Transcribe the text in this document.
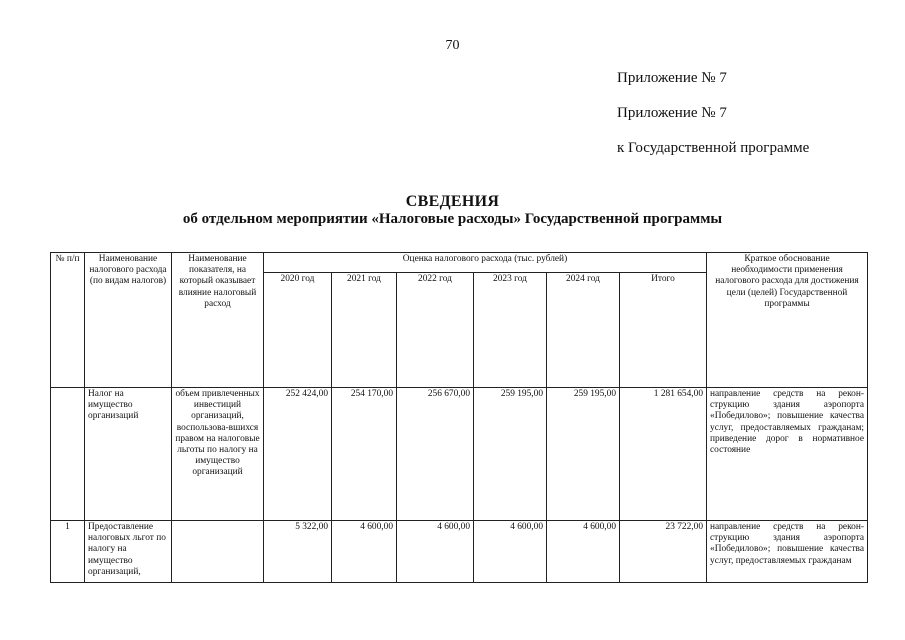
70
Приложение № 7
Приложение № 7
к Государственной программе
СВЕДЕНИЯ
об отдельном мероприятии «Налоговые расходы» Государственной программы
№ п/п	Наименование налогового расхода (по видам налогов)	Наименование показателя, на который оказывает влияние налоговый расход	Оценка налогового расхода (тыс. рублей)						Краткое обоснование необходимости применения налогового расхода для достижения цели (целей) Государственной программы
			2020 год	2021 год	2022 год	2023 год	2024 год	Итого	
	Налог на имущество организаций	объем привлеченных инвестиций организаций, воспользова-вшихся правом на налоговые льготы по налогу на имущество организаций	252 424,00	254 170,00	256 670,00	259 195,00	259 195,00	1 281 654,00	направление средств на рекон-струкцию здания аэропорта «Победилово»; повышение качества услуг, предоставляемых гражданам; приведение дорог в нормативное состояние
1	Предоставление налоговых льгот по налогу на имущество организаций,		5 322,00	4 600,00	4 600,00	4 600,00	4 600,00	23 722,00	направление средств на рекон-струкцию здания аэропорта «Победилово»; повышение качества услуг, предоставляемых гражданам
